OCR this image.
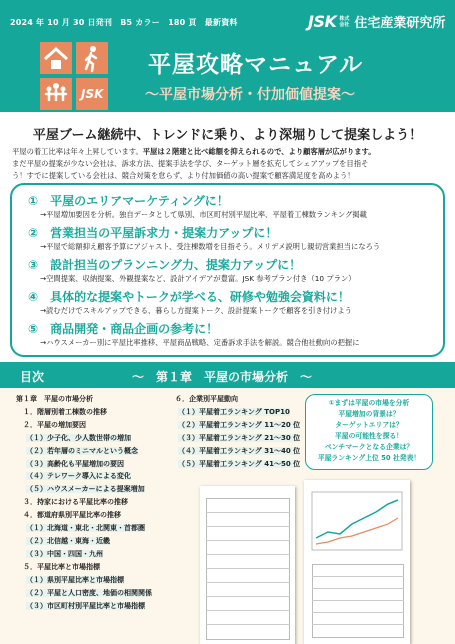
2024 年 10 月 30 日発刊　B5 カラー　180 頁　最新資料	JSK 株式会社 住宅産業研究所
JSK
平屋攻略マニュアル
～平屋市場分析・付加価値提案～
平屋ブーム継続中、トレンドに乗り、より深堀りして提案しよう！
平屋の着工比率は年々上昇しています。平屋は２階建と比べ総額を抑えられるので、より顧客層が広がります。
まだ平屋の提案が少ない会社は、訴求方法、提案手法を学び、ターゲット層を拡充してシェアアップを目指そ
う！すでに提案している会社は、競合対策を怠らず、より付加価値の高い提案で顧客満足度を高めよう！
①　平屋のエリアマーケティングに！
→平屋増加要因を分析。独自データとして県別、市区町村別平屋比率、平屋着工棟数ランキング掲載
②　営業担当の平屋訴求力・提案力アップに！
→平屋で総額抑え顧客予算にアジャスト、受注棟数増を目指そう。メリデメ説明し親切営業担当になろう
③　設計担当のプランニング力、提案力アップに！
→空間提案、収納提案、外観提案など、設計アイデアが豊富。JSK 参考プラン付き（10 プラン）
④　具体的な提案やトークが学べる、研修や勉強会資料に！
→読むだけでスキルアップできる、暮らし方提案トーク、設計提案トークで顧客を引き付けよう
⑤　商品開発・商品企画の参考に！
→ハウスメーカー別に平屋比率推移、平屋商品戦略、定番訴求手法を解説。競合他社動向の把握に
目次	～　第１章　平屋の市場分析　～
第１章　平屋の市場分析
１．階層別着工棟数の推移
２．平屋の増加要因
（１）少子化、少人数世帯の増加
（２）若年層のミニマルという概念
（３）高齢化も平屋増加の要因
（４）テレワーク導入による変化
（５）ハウスメーカーによる提案増加
３．持家における平屋比率の推移
４．都道府県別平屋比率の推移
（１）北海道・東北・北関東・首都圏
（２）北信越・東海・近畿
（３）中国・四国・九州
５．平屋比率と市場指標
（１）県別平屋比率と市場指標
（２）平屋と人口密度、地価の相関関係
（３）市区町村別平屋比率と市場指標
６．企業別平屋動向
（１）平屋着工ランキング TOP10
（２）平屋着工ランキング 11～20 位
（３）平屋着工ランキング 21～30 位
（４）平屋着工ランキング 31～40 位
（５）平屋着工ランキング 41～50 位
①まずは平屋の市場を分析
平屋増加の背景は？
ターゲットエリアは？
平屋の可能性を探る！
ベンチマークとなる企業は？
平屋ランキング上位 50 社発表！
